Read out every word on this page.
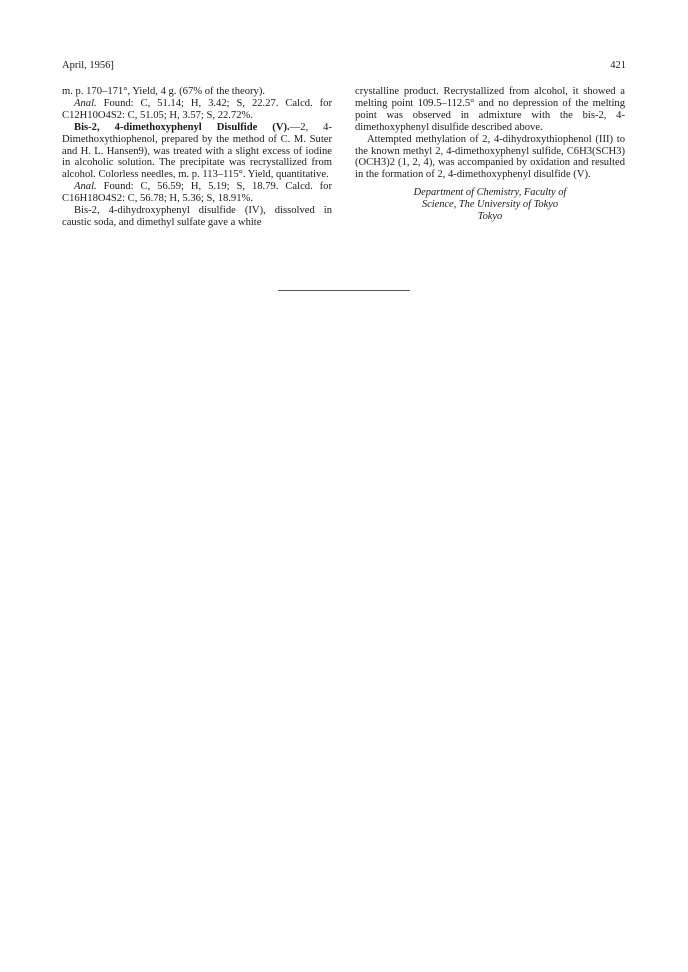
April, 1956]	421

m. p. 170–171°, Yield, 4 g. (67% of the theory).

Anal. Found: C, 51.14; H, 3.42; S, 22.27. Calcd. for C12H10O4S2: C, 51.05; H, 3.57; S, 22.72%.

Bis-2, 4-dimethoxyphenyl Disulfide (V).—2, 4-Dimethoxythiophenol, prepared by the method of C. M. Suter and H. L. Hansen9), was treated with a slight excess of iodine in alcoholic solution. The precipitate was recrystallized from alcohol. Colorless needles, m. p. 113–115°. Yield, quantitative.

Anal. Found: C, 56.59; H, 5.19; S, 18.79. Calcd. for C16H18O4S2: C, 56.78; H, 5.36; S, 18.91%.

Bis-2, 4-dihydroxyphenyl disulfide (IV), dissolved in caustic soda, and dimethyl sulfate gave a white

crystalline product. Recrystallized from alcohol, it showed a melting point 109.5–112.5° and no depression of the melting point was observed in admixture with the bis-2, 4-dimethoxyphenyl disulfide described above.

Attempted methylation of 2, 4-dihydroxythiophenol (III) to the known methyl 2, 4-dimethoxyphenyl sulfide, C6H3(SCH3)(OCH3)2 (1, 2, 4), was accompanied by oxidation and resulted in the formation of 2, 4-dimethoxyphenyl disulfide (V).

Department of Chemistry, Faculty of
Science, The University of Tokyo
Tokyo
